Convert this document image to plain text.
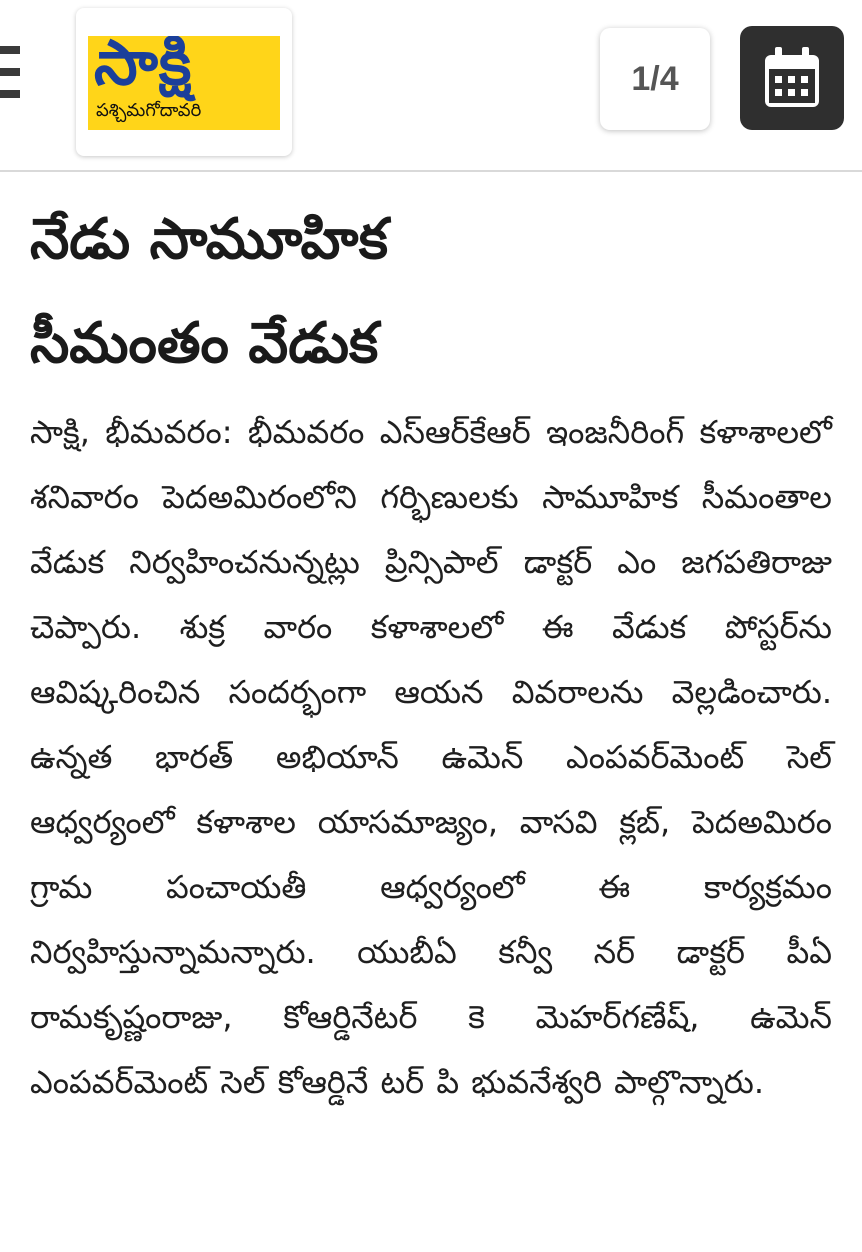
సాక్షి
పశ్చిమగోదావరి
1/4
నేడు సామూహిక
సీమంతం వేడుక

సాక్షి, భీమవరం: భీమవరం ఎస్‌ఆర్‌కేఆర్‌ ఇంజనీరింగ్‌ కళాశాలలో శనివారం పెదఅమిరంలోని గర్భిణులకు సామూహిక సీమంతాల వేడుక నిర్వహించనున్నట్లు ప్రిన్సిపాల్‌ డాక్టర్‌ ఎం జగపతిరాజు చెప్పారు. శుక్ర వారం కళాశాలలో ఈ వేడుక పోస్టర్‌ను ఆవిష్కరించిన సందర్భంగా ఆయన వివరాలను వెల్లడించారు. ఉన్నత భారత్‌ అభియాన్‌ ఉమెన్‌ ఎంపవర్‌మెంట్‌ సెల్‌ ఆధ్వర్యంలో కళాశాల యాసమాజ్యం, వాసవి క్లబ్‌, పెదఅమిరం గ్రామ పంచాయతీ ఆధ్వర్యంలో ఈ కార్యక్రమం నిర్వహిస్తున్నామన్నారు. యుబీఏ కన్వీ నర్‌ డాక్టర్‌ పీఏ రామకృష్ణంరాజు, కోఆర్డినేటర్‌ కె మెహర్‌గణేష్‌, ఉమెన్‌ ఎంపవర్‌మెంట్‌ సెల్‌ కోఆర్డినే టర్‌ పి భువనేశ్వరి పాల్గొన్నారు.
